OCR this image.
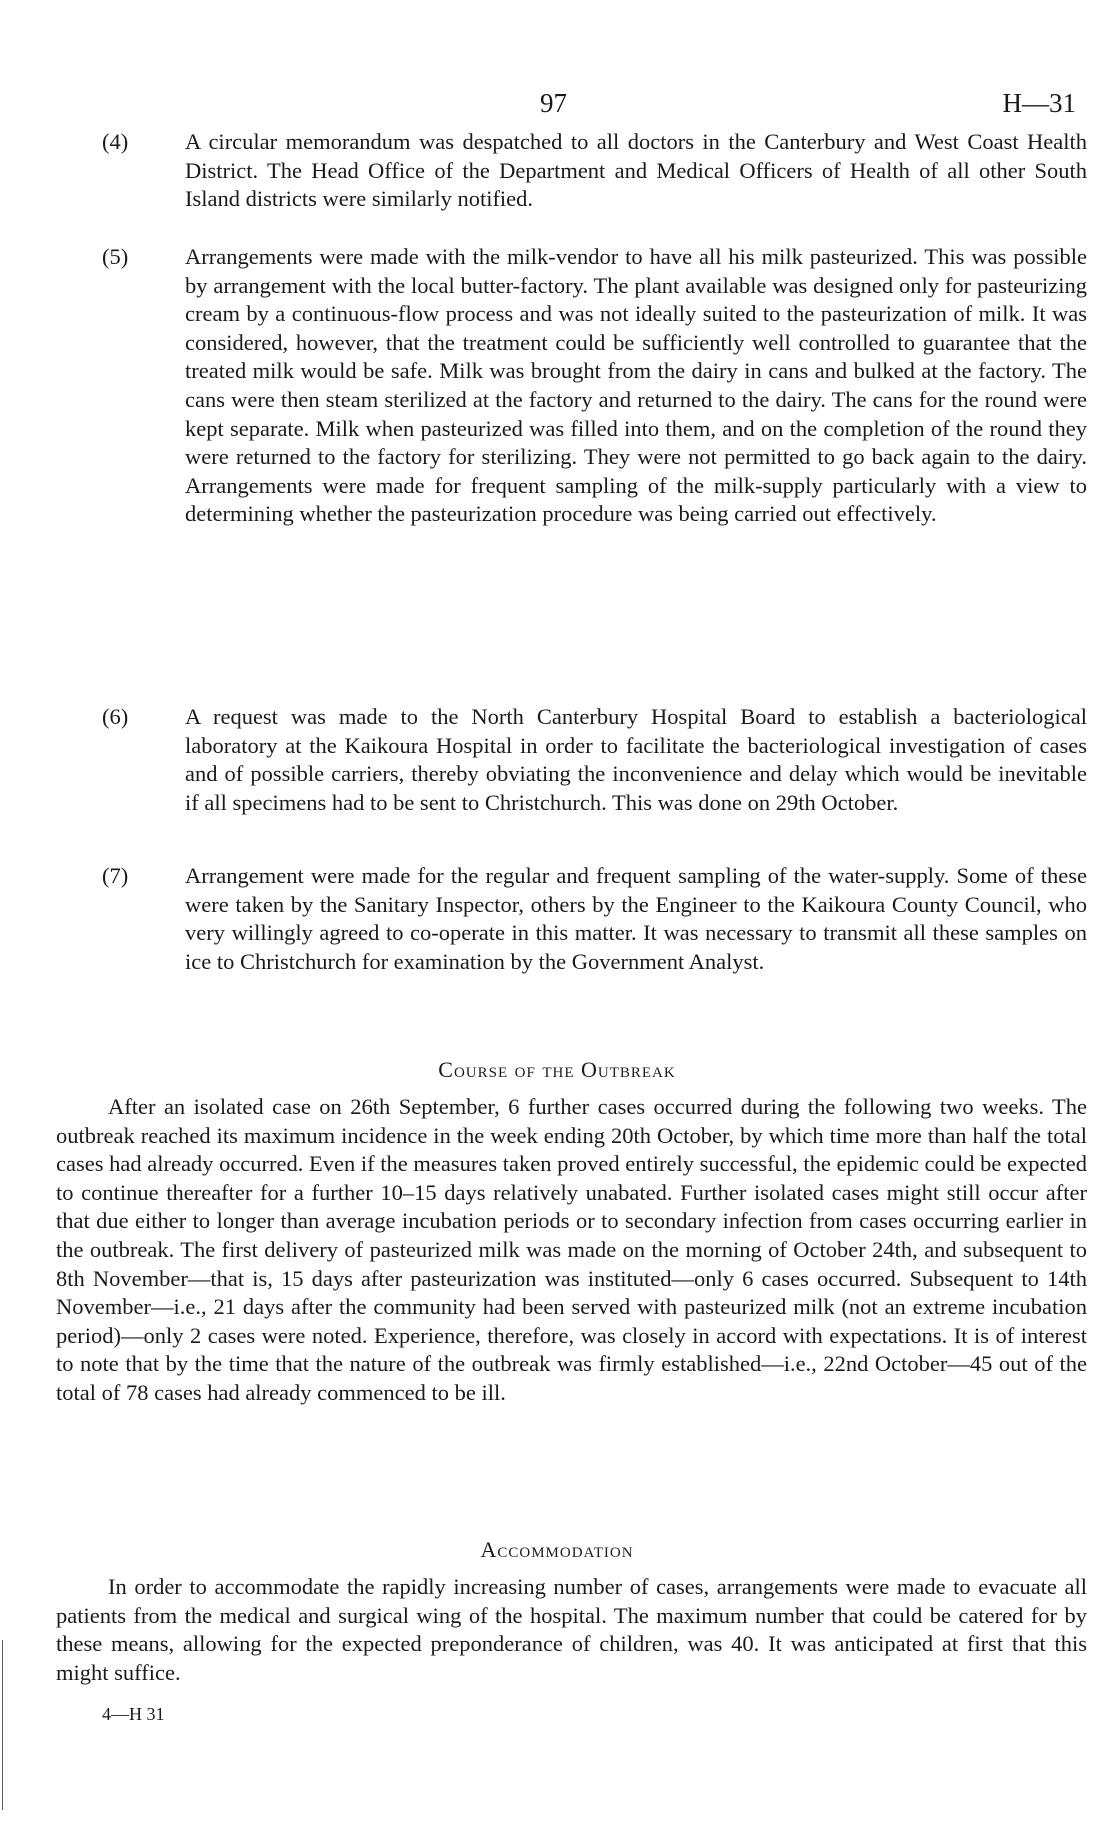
97	H—31
(4)	A circular memorandum was despatched to all doctors in the Canterbury and West Coast Health District. The Head Office of the Department and Medical Officers of Health of all other South Island districts were similarly notified.
(5)	Arrangements were made with the milk-vendor to have all his milk pasteurized. This was possible by arrangement with the local butter-factory. The plant available was designed only for pasteurizing cream by a continuous-flow process and was not ideally suited to the pasteurization of milk. It was considered, however, that the treatment could be sufficiently well controlled to guarantee that the treated milk would be safe. Milk was brought from the dairy in cans and bulked at the factory. The cans were then steam sterilized at the factory and returned to the dairy. The cans for the round were kept separate. Milk when pasteurized was filled into them, and on the completion of the round they were returned to the factory for sterilizing. They were not permitted to go back again to the dairy. Arrangements were made for frequent sampling of the milk-supply particularly with a view to determining whether the pasteurization procedure was being carried out effectively.
(6)	A request was made to the North Canterbury Hospital Board to establish a bacteriological laboratory at the Kaikoura Hospital in order to facilitate the bacteriological investigation of cases and of possible carriers, thereby obviating the inconvenience and delay which would be inevitable if all specimens had to be sent to Christchurch. This was done on 29th October.
(7)	Arrangement were made for the regular and frequent sampling of the water-supply. Some of these were taken by the Sanitary Inspector, others by the Engineer to the Kaikoura County Council, who very willingly agreed to co-operate in this matter. It was necessary to transmit all these samples on ice to Christchurch for examination by the Government Analyst.
Course of the Outbreak
After an isolated case on 26th September, 6 further cases occurred during the following two weeks. The outbreak reached its maximum incidence in the week ending 20th October, by which time more than half the total cases had already occurred. Even if the measures taken proved entirely successful, the epidemic could be expected to continue thereafter for a further 10–15 days relatively unabated. Further isolated cases might still occur after that due either to longer than average incubation periods or to secondary infection from cases occurring earlier in the outbreak. The first delivery of pasteurized milk was made on the morning of October 24th, and subsequent to 8th November—that is, 15 days after pasteurization was instituted—only 6 cases occurred. Subsequent to 14th November—i.e., 21 days after the community had been served with pasteurized milk (not an extreme incubation period)—only 2 cases were noted. Experience, therefore, was closely in accord with expectations. It is of interest to note that by the time that the nature of the outbreak was firmly established—i.e., 22nd October—45 out of the total of 78 cases had already commenced to be ill.
Accommodation
In order to accommodate the rapidly increasing number of cases, arrangements were made to evacuate all patients from the medical and surgical wing of the hospital. The maximum number that could be catered for by these means, allowing for the expected preponderance of children, was 40. It was anticipated at first that this might suffice.
4—H 31
